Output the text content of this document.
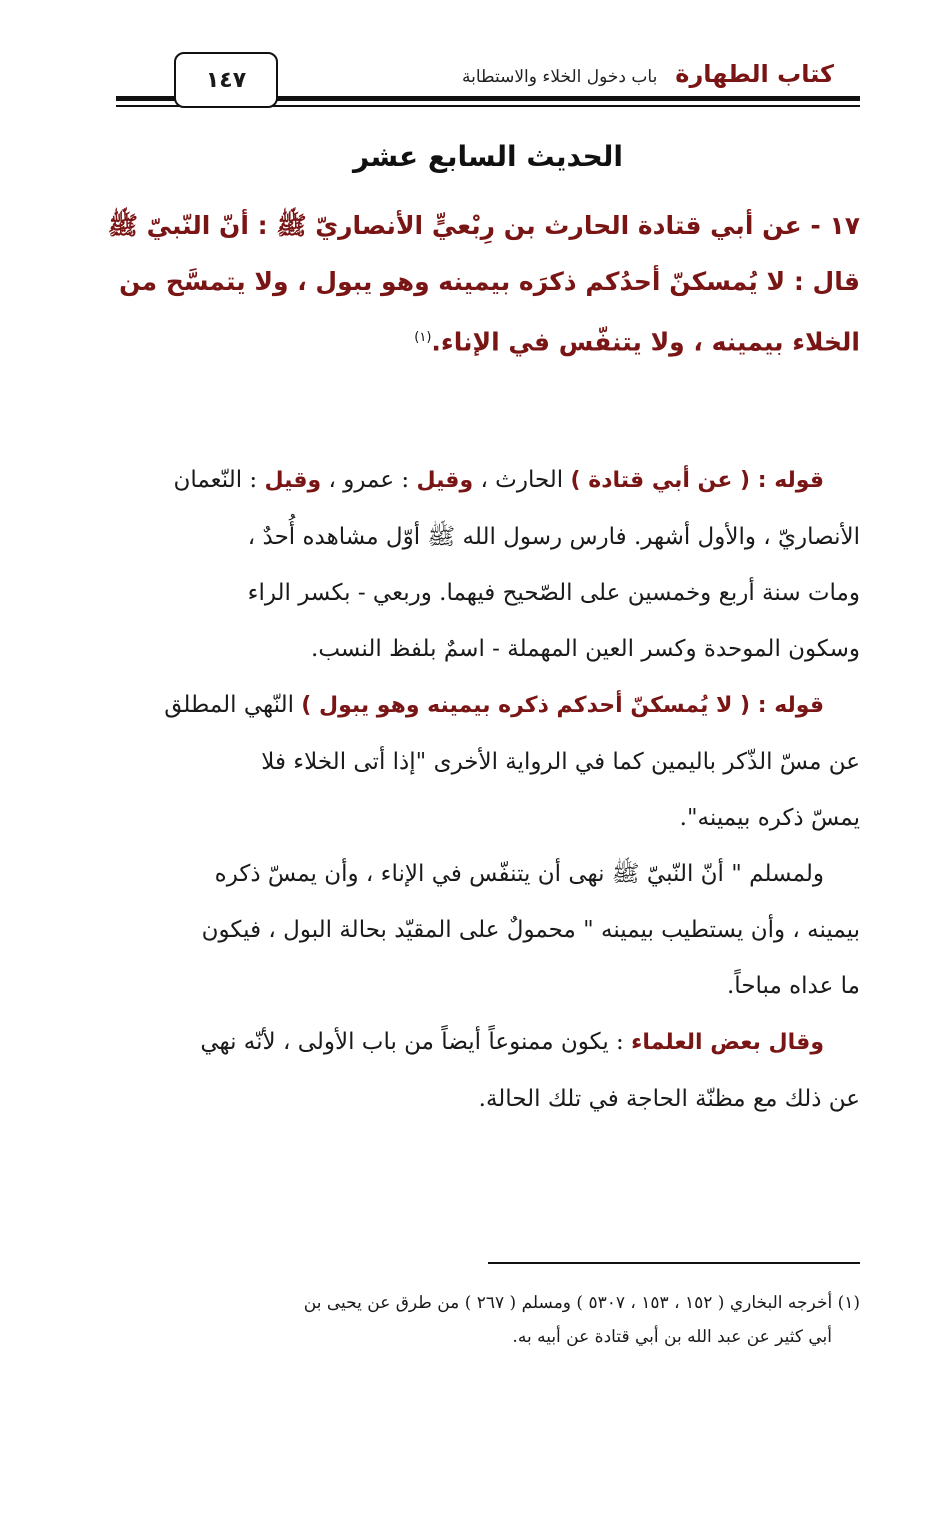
كتاب الطهارة
باب دخول الخلاء والاستطابة
١٤٧
الحديث السابع عشر
١٧ - عن أبي قتادة الحارث بن رِبْعيٍّ الأنصاريّ ﷺ : أنّ النّبيّ ﷺ
قال : لا يُمسكنّ أحدُكم ذكرَه بيمينه وهو يبول ، ولا يتمسَّح من
الخلاء بيمينه ، ولا يتنفّس في الإناء.$^{(١)}$

قوله : ( عن أبي قتادة ) الحارث ، وقيل : عمرو ، وقيل : النّعمان
الأنصاريّ ، والأول أشهر. فارس رسول الله ﷺ أوّل مشاهده أُحدٌ ،
ومات سنة أربع وخمسين على الصّحيح فيهما. وربعي - بكسر الراء
وسكون الموحدة وكسر العين المهملة - اسمٌ بلفظ النسب.

قوله : ( لا يُمسكنّ أحدكم ذكره بيمينه وهو يبول ) النّهي المطلق
عن مسّ الذّكر باليمين كما في الرواية الأخرى "إذا أتى الخلاء فلا
يمسّ ذكره بيمينه".

ولمسلم " أنّ النّبيّ ﷺ نهى أن يتنفّس في الإناء ، وأن يمسّ ذكره
بيمينه ، وأن يستطيب بيمينه " محمولٌ على المقيّد بحالة البول ، فيكون
ما عداه مباحاً.

وقال بعض العلماء : يكون ممنوعاً أيضاً من باب الأولى ، لأنّه نهي
عن ذلك مع مظنّة الحاجة في تلك الحالة.

(١) أخرجه البخاري ( ١٥٢ ، ١٥٣ ، ٥٣٠٧ ) ومسلم ( ٢٦٧ ) من طرق عن يحيى بن
أبي كثير عن عبد الله بن أبي قتادة عن أبيه به.
